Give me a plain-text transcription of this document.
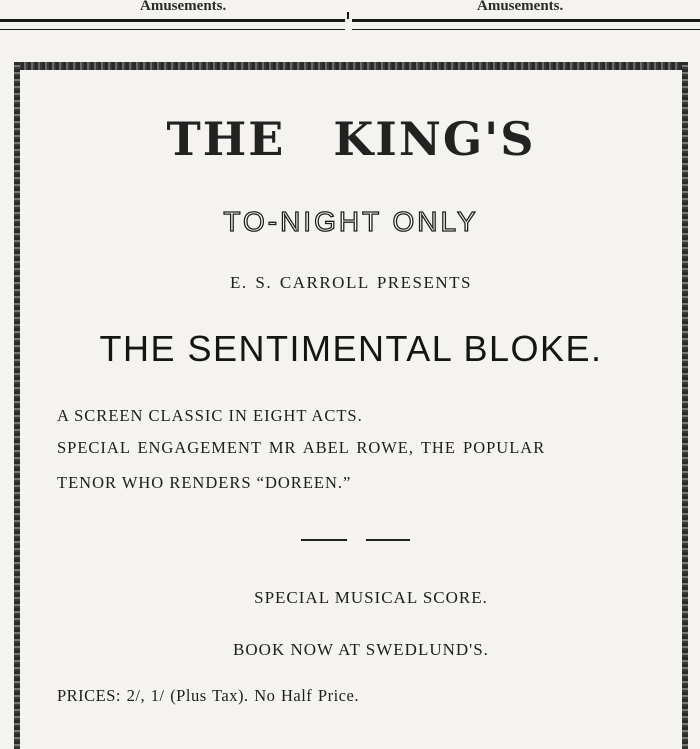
Amusements.	Amusements.
THE KING'S
TO-NIGHT ONLY
E. S. CARROLL PRESENTS
THE SENTIMENTAL BLOKE.
A SCREEN CLASSIC IN EIGHT ACTS.
SPECIAL ENGAGEMENT MR ABEL ROWE, THE POPULAR
TENOR WHO RENDERS “DOREEN.”
SPECIAL MUSICAL SCORE.
BOOK NOW AT SWEDLUND'S.
PRICES: 2/, 1/ (Plus Tax). No Half Price.
